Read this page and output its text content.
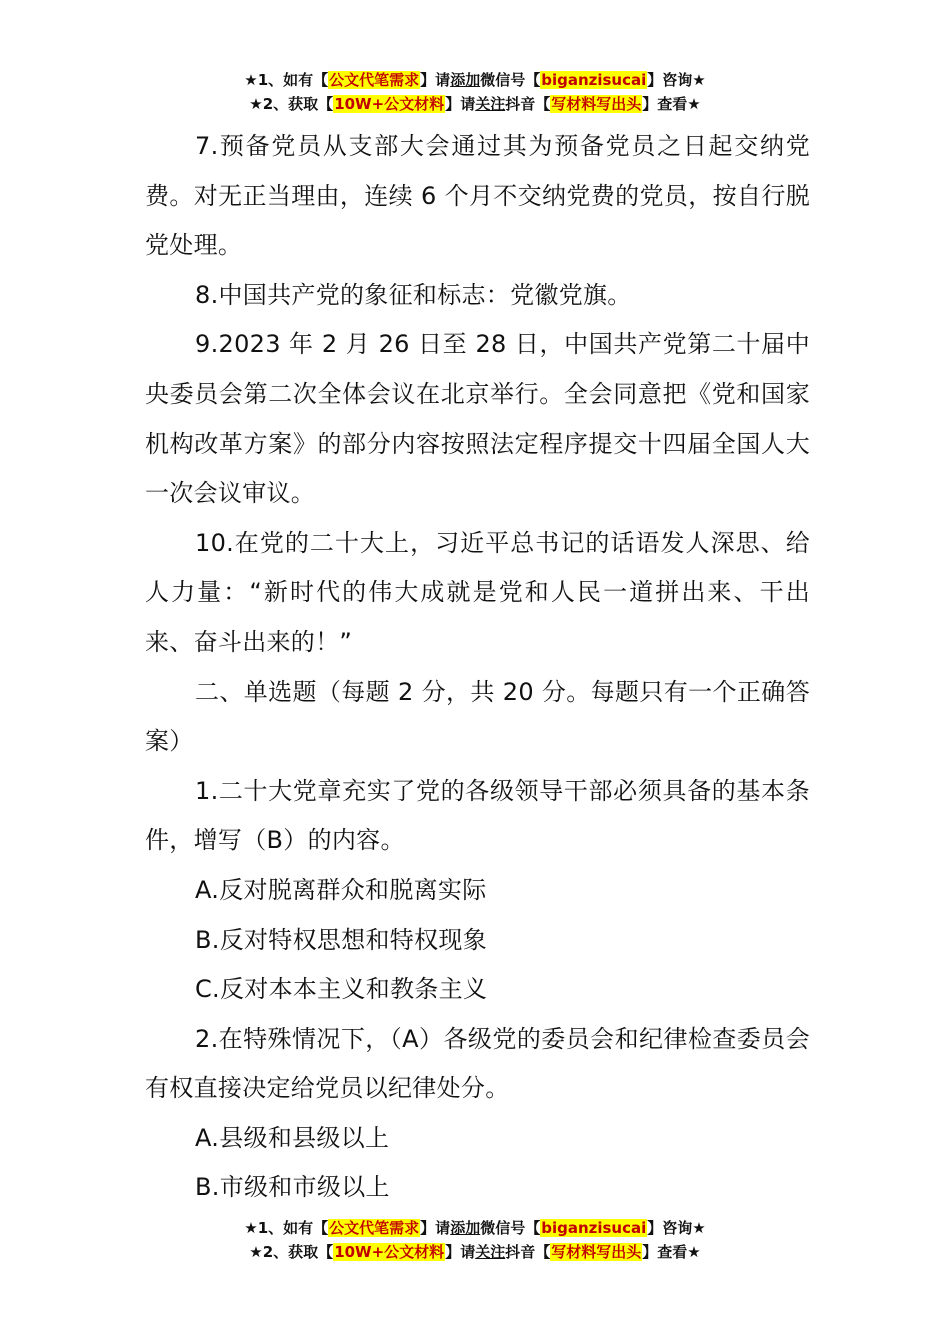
★1、如有【公文代笔需求】请添加微信号【biganzisucai】咨询★
★2、获取【10W+公文材料】请关注抖音【写材料写出头】查看★

7.预备党员从支部大会通过其为预备党员之日起交纳党费。对无正当理由，连续 6 个月不交纳党费的党员，按自行脱党处理。

8.中国共产党的象征和标志：党徽党旗。

9.2023 年 2 月 26 日至 28 日，中国共产党第二十届中央委员会第二次全体会议在北京举行。全会同意把《党和国家机构改革方案》的部分内容按照法定程序提交十四届全国人大一次会议审议。

10.在党的二十大上，习近平总书记的话语发人深思、给人力量：“新时代的伟大成就是党和人民一道拼出来、干出来、奋斗出来的！”

二、单选题（每题 2 分，共 20 分。每题只有一个正确答案）

1.二十大党章充实了党的各级领导干部必须具备的基本条件，增写（B）的内容。

A.反对脱离群众和脱离实际

B.反对特权思想和特权现象

C.反对本本主义和教条主义

2.在特殊情况下，（A）各级党的委员会和纪律检查委员会有权直接决定给党员以纪律处分。

A.县级和县级以上

B.市级和市级以上

★1、如有【公文代笔需求】请添加微信号【biganzisucai】咨询★
★2、获取【10W+公文材料】请关注抖音【写材料写出头】查看★
